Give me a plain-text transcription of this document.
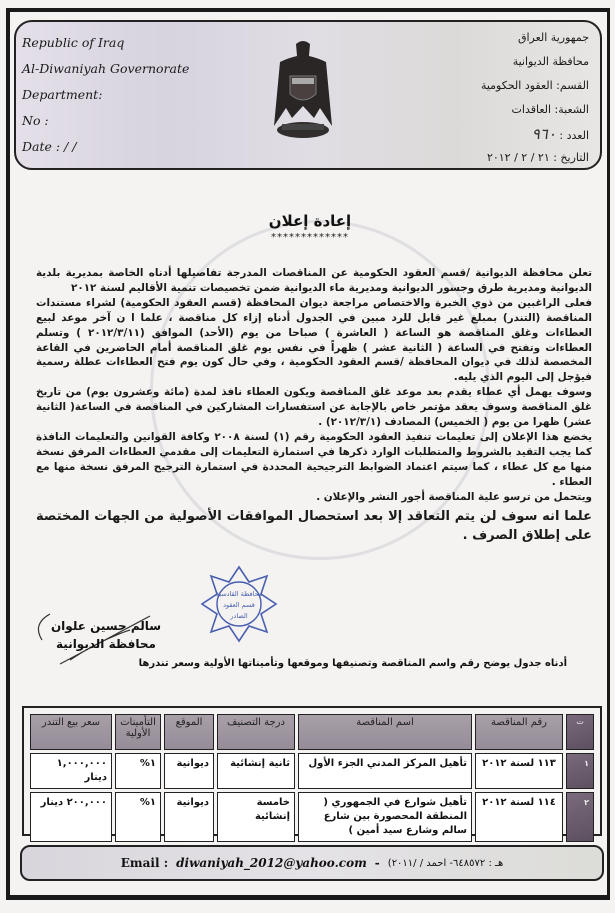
Republic of Iraq
Al-Diwaniyah Governorate
Department:
No :
Date : / /
جمهورية العراق
محافظة الديوانية
القسم: العقود الحكومية
الشعبة: العاقدات
العدد : ٩٦٠
التاريخ : ٢١ / ٢ / ٢٠١٢
إعادة إعلان
*************

تعلن محافظة الديوانية /قسم العقود الحكومية عن المناقصات المدرجة تفاصيلها أدناه الخاصة بمديرية بلدية الديوانية ومديرية طرق وجسور الديوانية ومديرية ماء الديوانية ضمن تخصيصات تنمية الأقاليم لسنة ٢٠١٢

فعلى الراغبين من ذوي الخبرة والاختصاص مراجعة ديوان المحافظة (قسم العقود الحكومية) لشراء مستندات المناقصة (التندر) بمبلغ غير قابل للرد مبين في الجدول أدناه إزاء كل مناقصة ، علما ا ن آخر موعد لبيع العطاءات وغلق المناقصة هو الساعة ( العاشرة ) صباحا من يوم (الأحد) الموافق (٢٠١٢/٣/١١ ) وتسلم العطاءات وتفتح في الساعة ( الثانية عشر ) ظهراً في نفس يوم غلق المناقصة أمام الحاضرين في القاعة المخصصة لذلك في ديوان المحافظة /قسم العقود الحكومية ، وفي حال كون يوم فتح العطاءات عطلة رسمية فيؤجل إلى اليوم الذي يليه.

وسوف يهمل أي عطاء يقدم بعد موعد غلق المناقصة ويكون العطاء نافذ لمدة (مائة وعشرون يوم) من تاريخ غلق المناقصة وسوف يعقد مؤتمر خاص بالإجابة عن استفسارات المشاركين في المناقصة في الساعة( الثانية عشر) ظهرا من يوم ( الخميس) المصادف (٢٠١٢/٣/١) .

يخضع هذا الإعلان إلى تعليمات تنفيذ العقود الحكومية رقم (١) لسنة ٢٠٠٨ وكافة القوانين والتعليمات النافذة كما يجب التقيد بالشروط والمتطلبات الوارد ذكرها في استمارة التعليمات إلى مقدمي العطاءات المرفق نسخة منها مع كل عطاء ، كما سيتم اعتماد الضوابط الترجيحية المحددة في استمارة الترجيح المرفق نسخة منها مع العطاء .

ويتحمل من ترسو علية المناقصة أجور النشر والإعلان .

علما انه سوف لن يتم التعاقد إلا بعد استحصال الموافقات الأصولية من الجهات المختصة على إطلاق الصرف .

سالم حسين علوان
محافظة الديوانية
محافظة القادسية
قسم العقود
الصادر
أدناه جدول يوضح رقم واسم المناقصة وتصنيفها وموقعها وتأميناتها الأولية وسعر تندرها
ت	رقم المناقصة	اسم المناقصة	درجة التصنيف	الموقع	التأمينات الأولية	سعر بيع التندر
١	١١٣ لسنة ٢٠١٢	تأهيل المركز المدني الجزء الأول	ثانية إنشائية	ديوانية	١%	١,٠٠٠,٠٠٠ دينار
٢	١١٤ لسنة ٢٠١٢	تأهيل شوارع في الجمهوري ( المنطقة المحصورة بين شارع سالم وشارع سيد أمين )	خامسة إنشائية	ديوانية	١%	٢٠٠,٠٠٠ دينار
Email : diwaniyah_2012@yahoo.com - هـ : ٦٤٨٥٧٢- احمد / /٢٠١١)
